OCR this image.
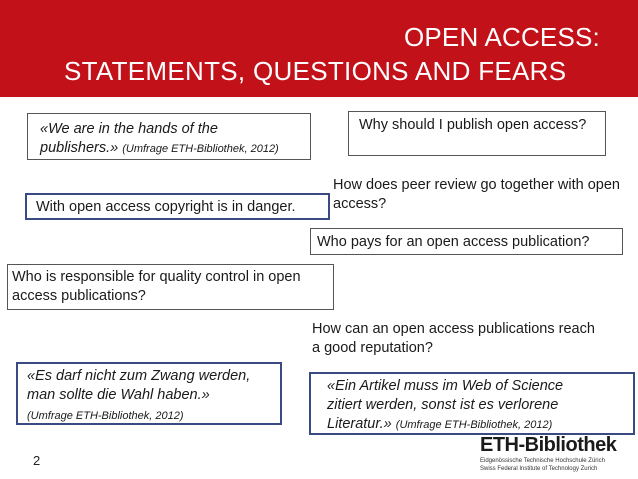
OPEN ACCESS:
STATEMENTS, QUESTIONS AND FEARS
«We are in the hands of the
publishers.» (Umfrage ETH-Bibliothek, 2012)
Why should I publish open access?
How does peer review go together with open access?
With open access copyright is in danger.
Who pays for an open access publication?
Who is responsible for quality control in open access publications?
How can an open access publications reach a good reputation?
«Es darf nicht zum Zwang werden,
man sollte die Wahl haben.»
(Umfrage ETH-Bibliothek, 2012)
«Ein Artikel muss im Web of Science
zitiert werden, sonst ist es verlorene
Literatur.» (Umfrage ETH-Bibliothek, 2012)
2
ETH-Bibliothek
Eidgenössische Technische Hochschule Zürich
Swiss Federal Institute of Technology Zurich
